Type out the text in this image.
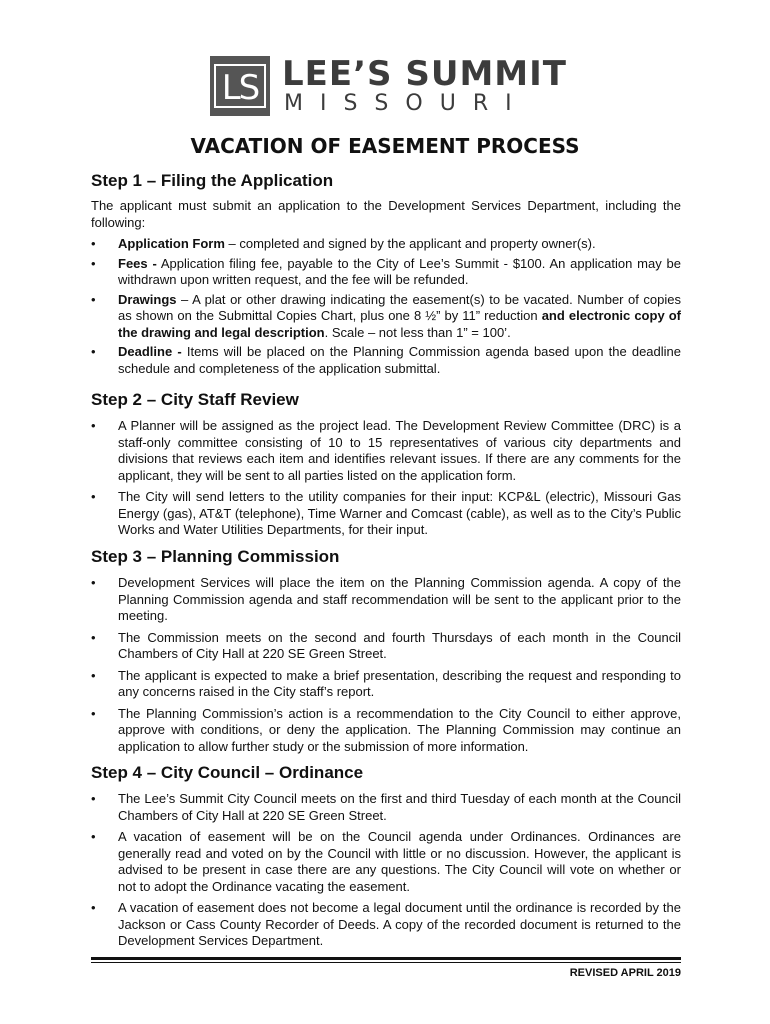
LS LEE’S SUMMIT
MISSOURI
VACATION OF EASEMENT PROCESS
Step 1 – Filing the Application

The applicant must submit an application to the Development Services Department, including the following:

•	Application Form – completed and signed by the applicant and property owner(s).
•	Fees - Application filing fee, payable to the City of Lee’s Summit - $100. An application may be withdrawn upon written request, and the fee will be refunded.
•	Drawings – A plat or other drawing indicating the easement(s) to be vacated. Number of copies as shown on the Submittal Copies Chart, plus one 8 ½” by 11” reduction and electronic copy of the drawing and legal description. Scale – not less than 1” = 100’.
•	Deadline - Items will be placed on the Planning Commission agenda based upon the deadline schedule and completeness of the application submittal.
Step 2 – City Staff Review
•	A Planner will be assigned as the project lead. The Development Review Committee (DRC) is a staff-only committee consisting of 10 to 15 representatives of various city departments and divisions that reviews each item and identifies relevant issues. If there are any comments for the applicant, they will be sent to all parties listed on the application form.
•	The City will send letters to the utility companies for their input: KCP&L (electric), Missouri Gas Energy (gas), AT&T (telephone), Time Warner and Comcast (cable), as well as to the City’s Public Works and Water Utilities Departments, for their input.
Step 3 – Planning Commission
•	Development Services will place the item on the Planning Commission agenda. A copy of the Planning Commission agenda and staff recommendation will be sent to the applicant prior to the meeting.
•	The Commission meets on the second and fourth Thursdays of each month in the Council Chambers of City Hall at 220 SE Green Street.
•	The applicant is expected to make a brief presentation, describing the request and responding to any concerns raised in the City staff’s report.
•	The Planning Commission’s action is a recommendation to the City Council to either approve, approve with conditions, or deny the application. The Planning Commission may continue an application to allow further study or the submission of more information.
Step 4 – City Council – Ordinance
•	The Lee’s Summit City Council meets on the first and third Tuesday of each month at the Council Chambers of City Hall at 220 SE Green Street.
•	A vacation of easement will be on the Council agenda under Ordinances. Ordinances are generally read and voted on by the Council with little or no discussion. However, the applicant is advised to be present in case there are any questions. The City Council will vote on whether or not to adopt the Ordinance vacating the easement.
•	A vacation of easement does not become a legal document until the ordinance is recorded by the Jackson or Cass County Recorder of Deeds. A copy of the recorded document is returned to the Development Services Department.
REVISED APRIL 2019
